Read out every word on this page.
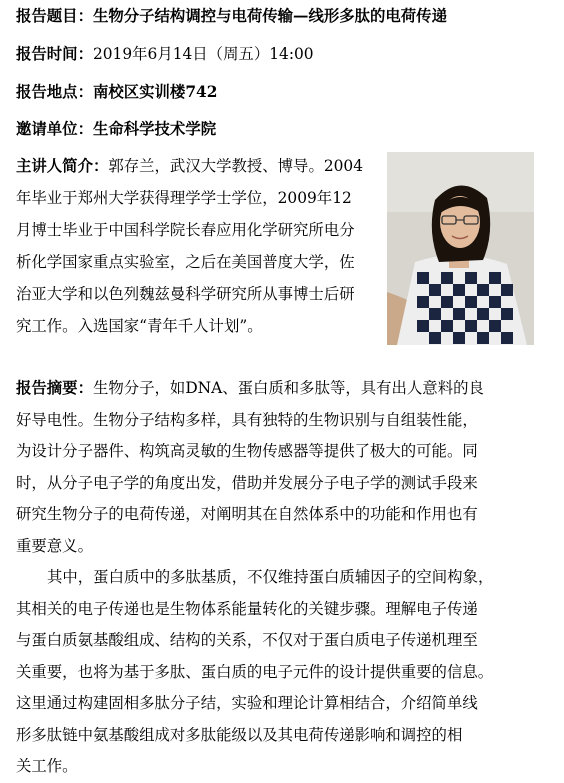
报告题目：生物分子结构调控与电荷传输—线形多肽的电荷传递
报告时间：2019年6月14日（周五）14:00
报告地点：南校区实训楼742
邀请单位：生命科学技术学院
主讲人简介：郭存兰，武汉大学教授、博导。2004
年毕业于郑州大学获得理学学士学位，2009年12
月博士毕业于中国科学院长春应用化学研究所电分
析化学国家重点实验室，之后在美国普度大学，佐
治亚大学和以色列魏兹曼科学研究所从事博士后研
究工作。入选国家“青年千人计划”。
报告摘要：生物分子，如DNA、蛋白质和多肽等，具有出人意料的良
好导电性。生物分子结构多样，具有独特的生物识别与自组装性能，
为设计分子器件、构筑高灵敏的生物传感器等提供了极大的可能。同
时，从分子电子学的角度出发，借助并发展分子电子学的测试手段来
研究生物分子的电荷传递，对阐明其在自然体系中的功能和作用也有
重要意义。
其中，蛋白质中的多肽基质，不仅维持蛋白质辅因子的空间构象，
其相关的电子传递也是生物体系能量转化的关键步骤。理解电子传递
与蛋白质氨基酸组成、结构的关系，不仅对于蛋白质电子传递机理至
关重要，也将为基于多肽、蛋白质的电子元件的设计提供重要的信息。
这里通过构建固相多肽分子结，实验和理论计算相结合，介绍简单线
形多肽链中氨基酸组成对多肽能级以及其电荷传递影响和调控的相
关工作。
